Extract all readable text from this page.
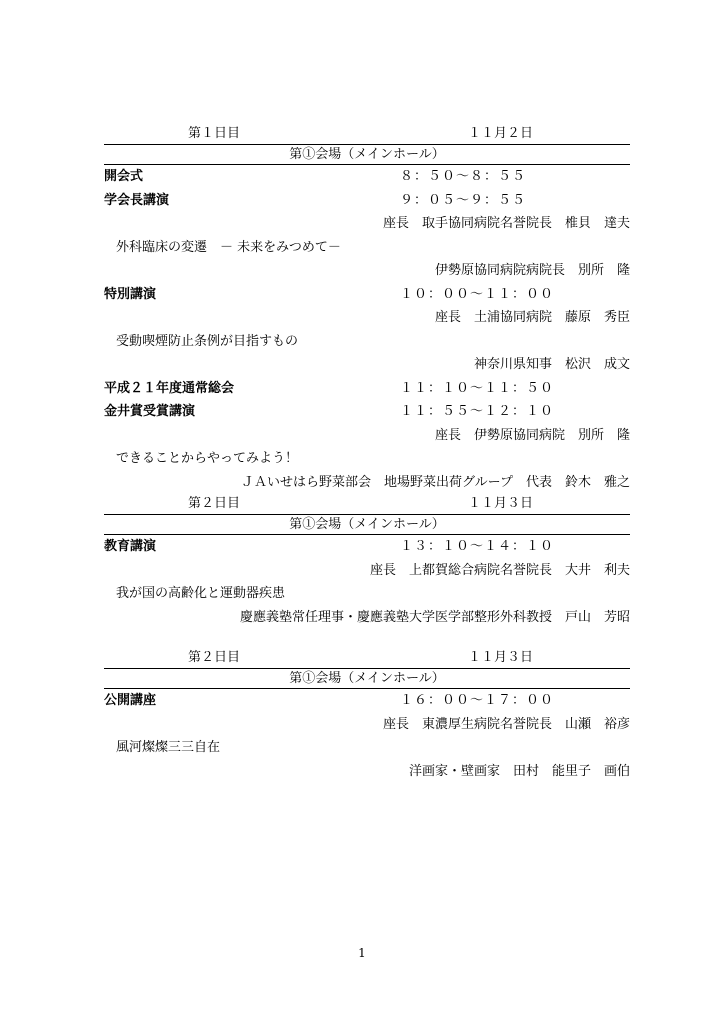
第１日目	１１月２日
第①会場（メインホール）
開会式	８：５０〜８：５５
学会長講演	９：０５〜９：５５
座長　取手協同病院名誉院長　椎貝　達夫
外科臨床の変遷　－ 未来をみつめて－
伊勢原協同病院病院長　別所　隆
特別講演	１０：００〜１１：００
座長　土浦協同病院　藤原　秀臣
受動喫煙防止条例が目指すもの
神奈川県知事　松沢　成文
平成２１年度通常総会	１１：１０〜１１：５０
金井賞受賞講演	１１：５５〜１２：１０
座長　伊勢原協同病院　別所　隆
できることからやってみよう！
ＪＡいせはら野菜部会　地場野菜出荷グループ　代表　鈴木　雅之
第２日目	１１月３日
第①会場（メインホール）
教育講演	１３：１０〜１４：１０
座長　上都賀総合病院名誉院長　大井　利夫
我が国の高齢化と運動器疾患
慶應義塾常任理事・慶應義塾大学医学部整形外科教授　戸山　芳昭
第２日目	１１月３日
第①会場（メインホール）
公開講座	１６：００〜１７：００
座長　東濃厚生病院名誉院長　山瀬　裕彦
風河燦燦三三自在
洋画家・壁画家　田村　能里子　画伯
1
